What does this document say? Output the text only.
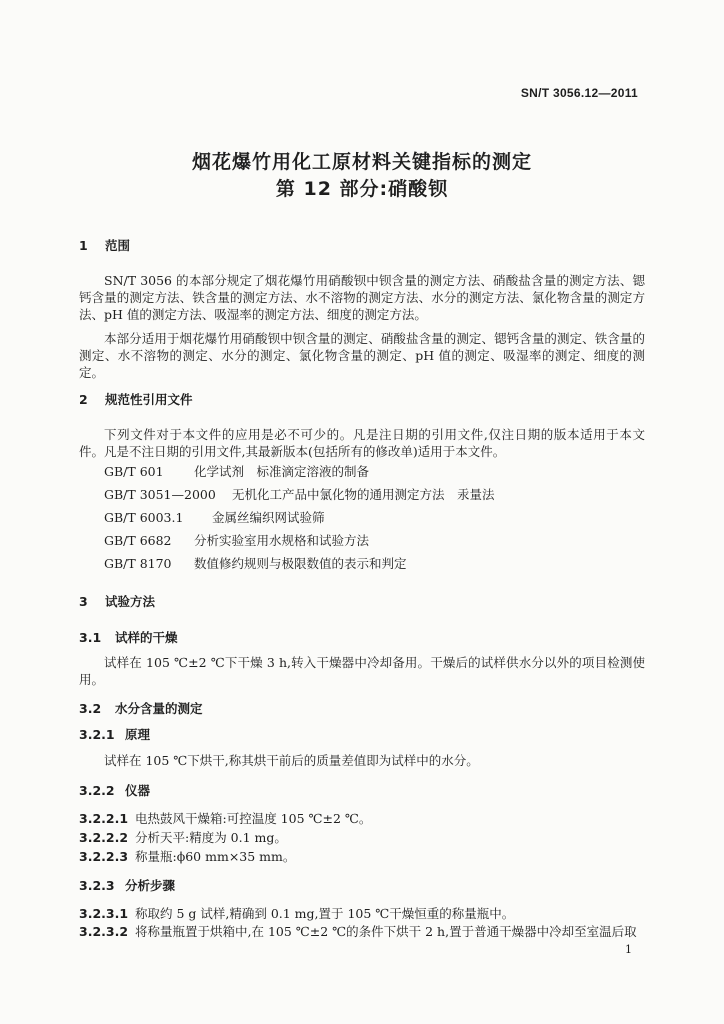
SN/T 3056.12—2011
烟花爆竹用化工原材料关键指标的测定
第 12 部分:硝酸钡
1 范围
SN/T 3056 的本部分规定了烟花爆竹用硝酸钡中钡含量的测定方法、硝酸盐含量的测定方法、锶钙含量的测定方法、铁含量的测定方法、水不溶物的测定方法、水分的测定方法、氯化物含量的测定方法、pH 值的测定方法、吸湿率的测定方法、细度的测定方法。
本部分适用于烟花爆竹用硝酸钡中钡含量的测定、硝酸盐含量的测定、锶钙含量的测定、铁含量的测定、水不溶物的测定、水分的测定、氯化物含量的测定、pH 值的测定、吸湿率的测定、细度的测定。
2 规范性引用文件
下列文件对于本文件的应用是必不可少的。凡是注日期的引用文件,仅注日期的版本适用于本文件。凡是不注日期的引用文件,其最新版本(包括所有的修改单)适用于本文件。
GB/T 601 化学试剂　标准滴定溶液的制备
GB/T 3051—2000 无机化工产品中氯化物的通用测定方法　汞量法
GB/T 6003.1 金属丝编织网试验筛
GB/T 6682 分析实验室用水规格和试验方法
GB/T 8170 数值修约规则与极限数值的表示和判定
3 试验方法
3.1 试样的干燥
试样在 105 ℃±2 ℃下干燥 3 h,转入干燥器中冷却备用。干燥后的试样供水分以外的项目检测使用。
3.2 水分含量的测定
3.2.1 原理
试样在 105 ℃下烘干,称其烘干前后的质量差值即为试样中的水分。
3.2.2 仪器
3.2.2.1 电热鼓风干燥箱:可控温度 105 ℃±2 ℃。
3.2.2.2 分析天平:精度为 0.1 mg。
3.2.2.3 称量瓶:ϕ60 mm×35 mm。
3.2.3 分析步骤
3.2.3.1 称取约 5 g 试样,精确到 0.1 mg,置于 105 ℃干燥恒重的称量瓶中。
3.2.3.2 将称量瓶置于烘箱中,在 105 ℃±2 ℃的条件下烘干 2 h,置于普通干燥器中冷却至室温后取
1
